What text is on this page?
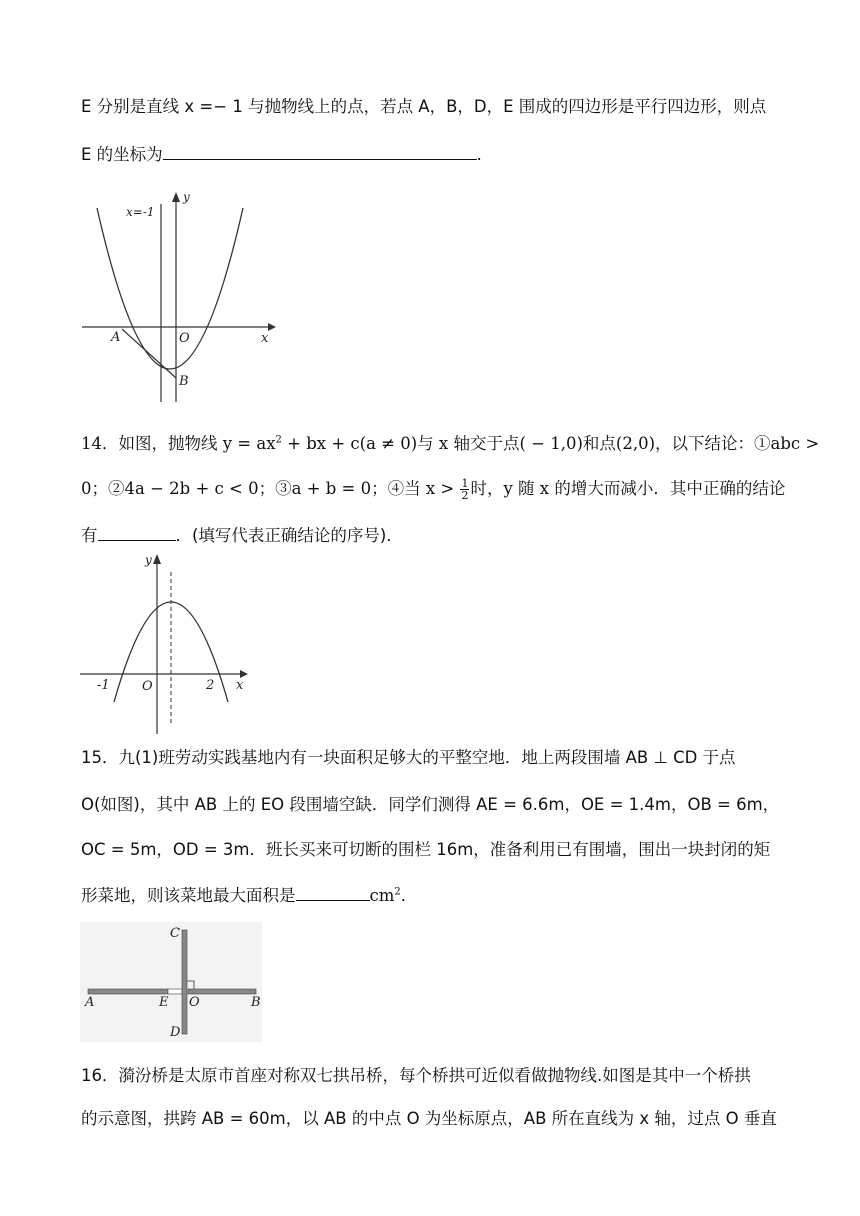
E 分别是直线 x =− 1 与抛物线上的点，若点 A，B，D，E 围成的四边形是平行四边形，则点
E 的坐标为	.
x=-1
y
x
O
A
B
14．如图，抛物线 $y = ax^2$ + bx + c(a ≠ 0)与 x 轴交于点( − 1,0)和点(2,0)，以下结论：①abc >
0；②4a − 2b + c < 0；③a + b = 0；④当 $x > \frac{1}{2}$ 时，y 随 x 的增大而减小．其中正确的结论
有	．(填写代表正确结论的序号)．
y
x
O
-1	2
15．九(1)班劳动实践基地内有一块面积足够大的平整空地．地上两段围墙 AB ⊥ CD 于点
O(如图)，其中 AB 上的 EO 段围墙空缺．同学们测得 AE = 6.6m，OE = 1.4m，OB = 6m，
OC = 5m，OD = 3m．班长买来可切断的围栏 16m，准备利用已有围墙，围出一块封闭的矩
形菜地，则该菜地最大面积是	$cm^2$．
A	B
C
D
E O
16．漪汾桥是太原市首座对称双七拱吊桥，每个桥拱可近似看做抛物线.如图是其中一个桥拱
的示意图，拱跨 AB = 60m，以 AB 的中点 O 为坐标原点，AB 所在直线为 x 轴，过点 O 垂直
